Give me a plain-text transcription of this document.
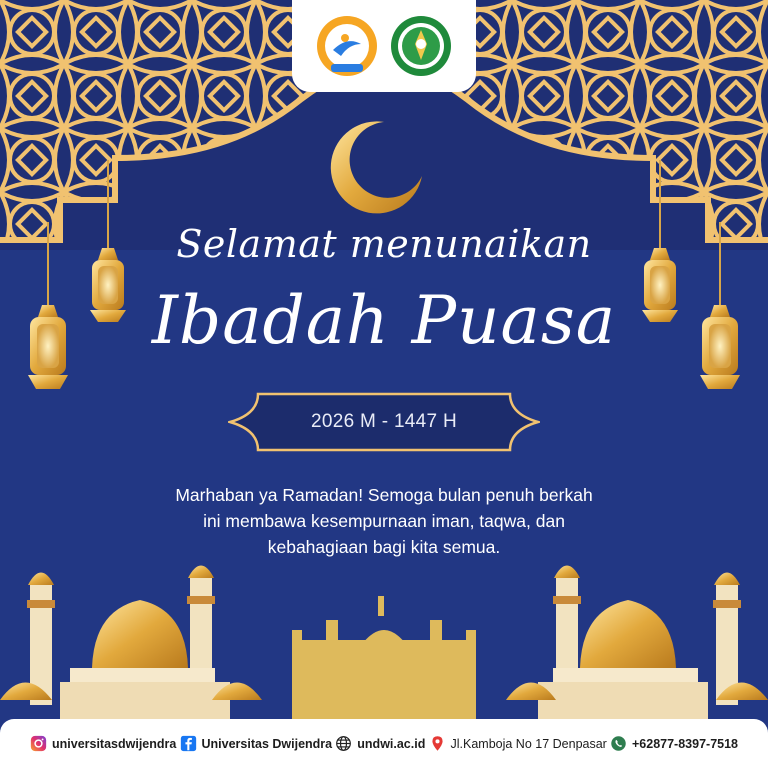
Selamat menunaikan
Ibadah Puasa
2026 M - 1447 H
Marhaban ya Ramadan! Semoga bulan penuh berkah
ini membawa kesempurnaan iman, taqwa, dan
kebahagiaan bagi kita semua.
universitasdwijendra Universitas Dwijendra undwi.ac.id Jl.Kamboja No 17 Denpasar +62877-8397-7518
